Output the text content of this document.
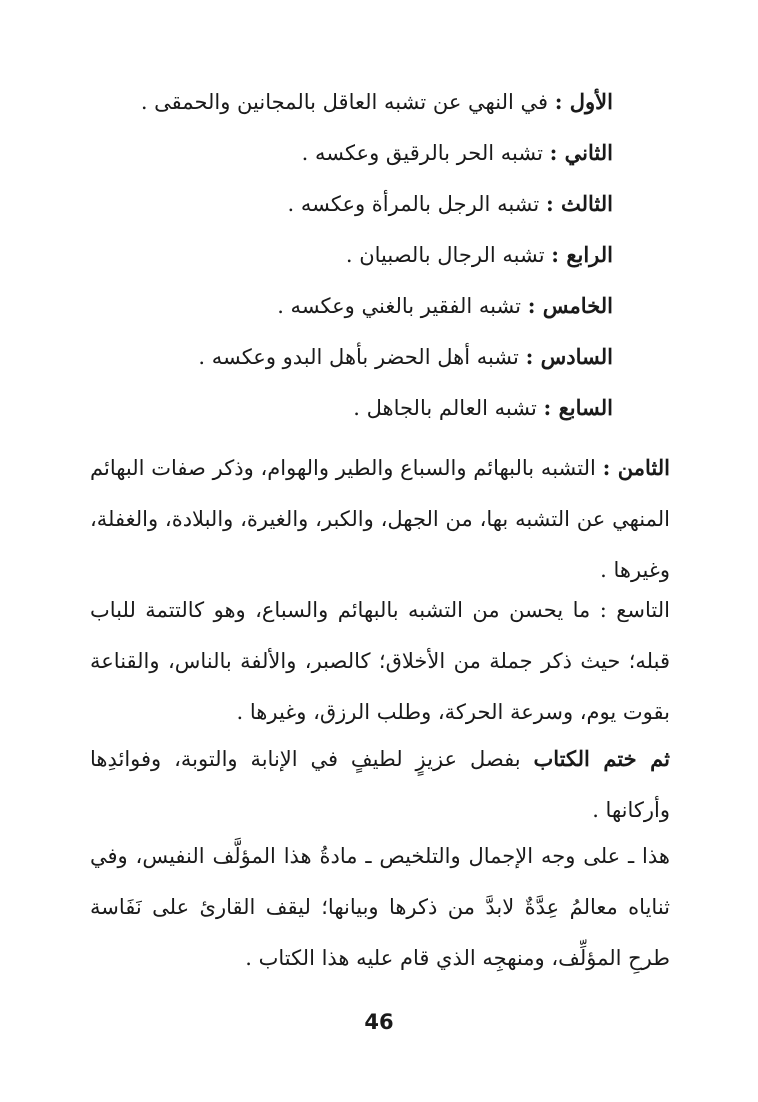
الأول : في النهي عن تشبه العاقل بالمجانين والحمقى .
الثاني : تشبه الحر بالرقيق وعكسه .
الثالث : تشبه الرجل بالمرأة وعكسه .
الرابع : تشبه الرجال بالصبيان .
الخامس : تشبه الفقير بالغني وعكسه .
السادس : تشبه أهل الحضر بأهل البدو وعكسه .
السابع : تشبه العالم بالجاهل .
الثامن : التشبه بالبهائم والسباع والطير والهوام، وذكر صفات البهائم المنهي عن التشبه بها، من الجهل، والكبر، والغيرة، والبلادة، والغفلة، وغيرها .
التاسع : ما يحسن من التشبه بالبهائم والسباع، وهو كالتتمة للباب قبله؛ حيث ذكر جملة من الأخلاق؛ كالصبر، والألفة بالناس، والقناعة بقوت يوم، وسرعة الحركة، وطلب الرزق، وغيرها .
ثم ختم الكتاب بفصل عزيزٍ لطيفٍ في الإنابة والتوبة، وفوائدِها وأركانها .
هذا ـ على وجه الإجمال والتلخيص ـ مادةُ هذا المؤلَّف النفيس، وفي ثناياه معالمُ عِدَّةٌ لابدَّ من ذكرها وبيانها؛ ليقف القارئ على نَفَاسة طرحِ المؤلِّف، ومنهجِه الذي قام عليه هذا الكتاب .
46
